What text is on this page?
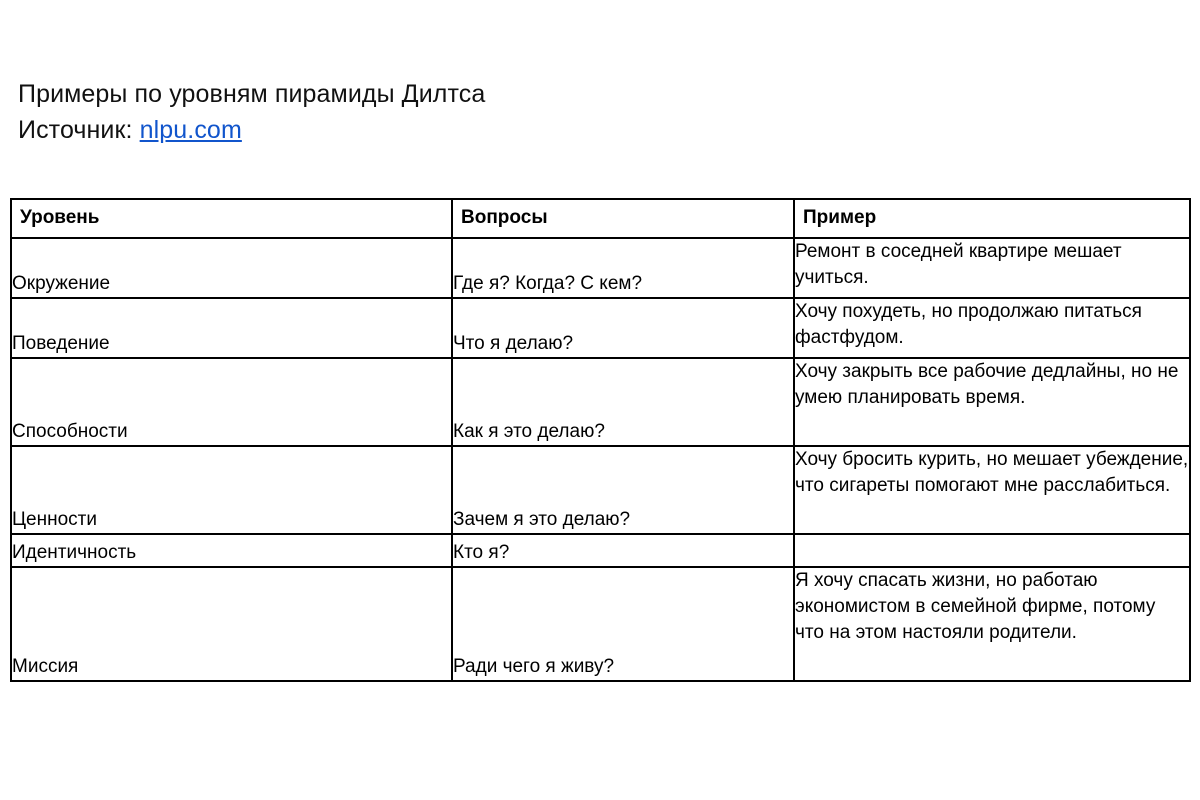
Примеры по уровням пирамиды Дилтса
Источник: nlpu.com
Уровень	Вопросы	Пример
Окружение	Где я? Когда? С кем?	Ремонт в соседней квартире мешает учиться.
Поведение	Что я делаю?	Хочу похудеть, но продолжаю питаться фастфудом.
Способности	Как я это делаю?	Хочу закрыть все рабочие дедлайны, но не умею планировать время.
Ценности	Зачем я это делаю?	Хочу бросить курить, но мешает убеждение, что сигареты помогают мне расслабиться.
Идентичность	Кто я?	
Миссия	Ради чего я живу?	Я хочу спасать жизни, но работаю экономистом в семейной фирме, потому что на этом настояли родители.
